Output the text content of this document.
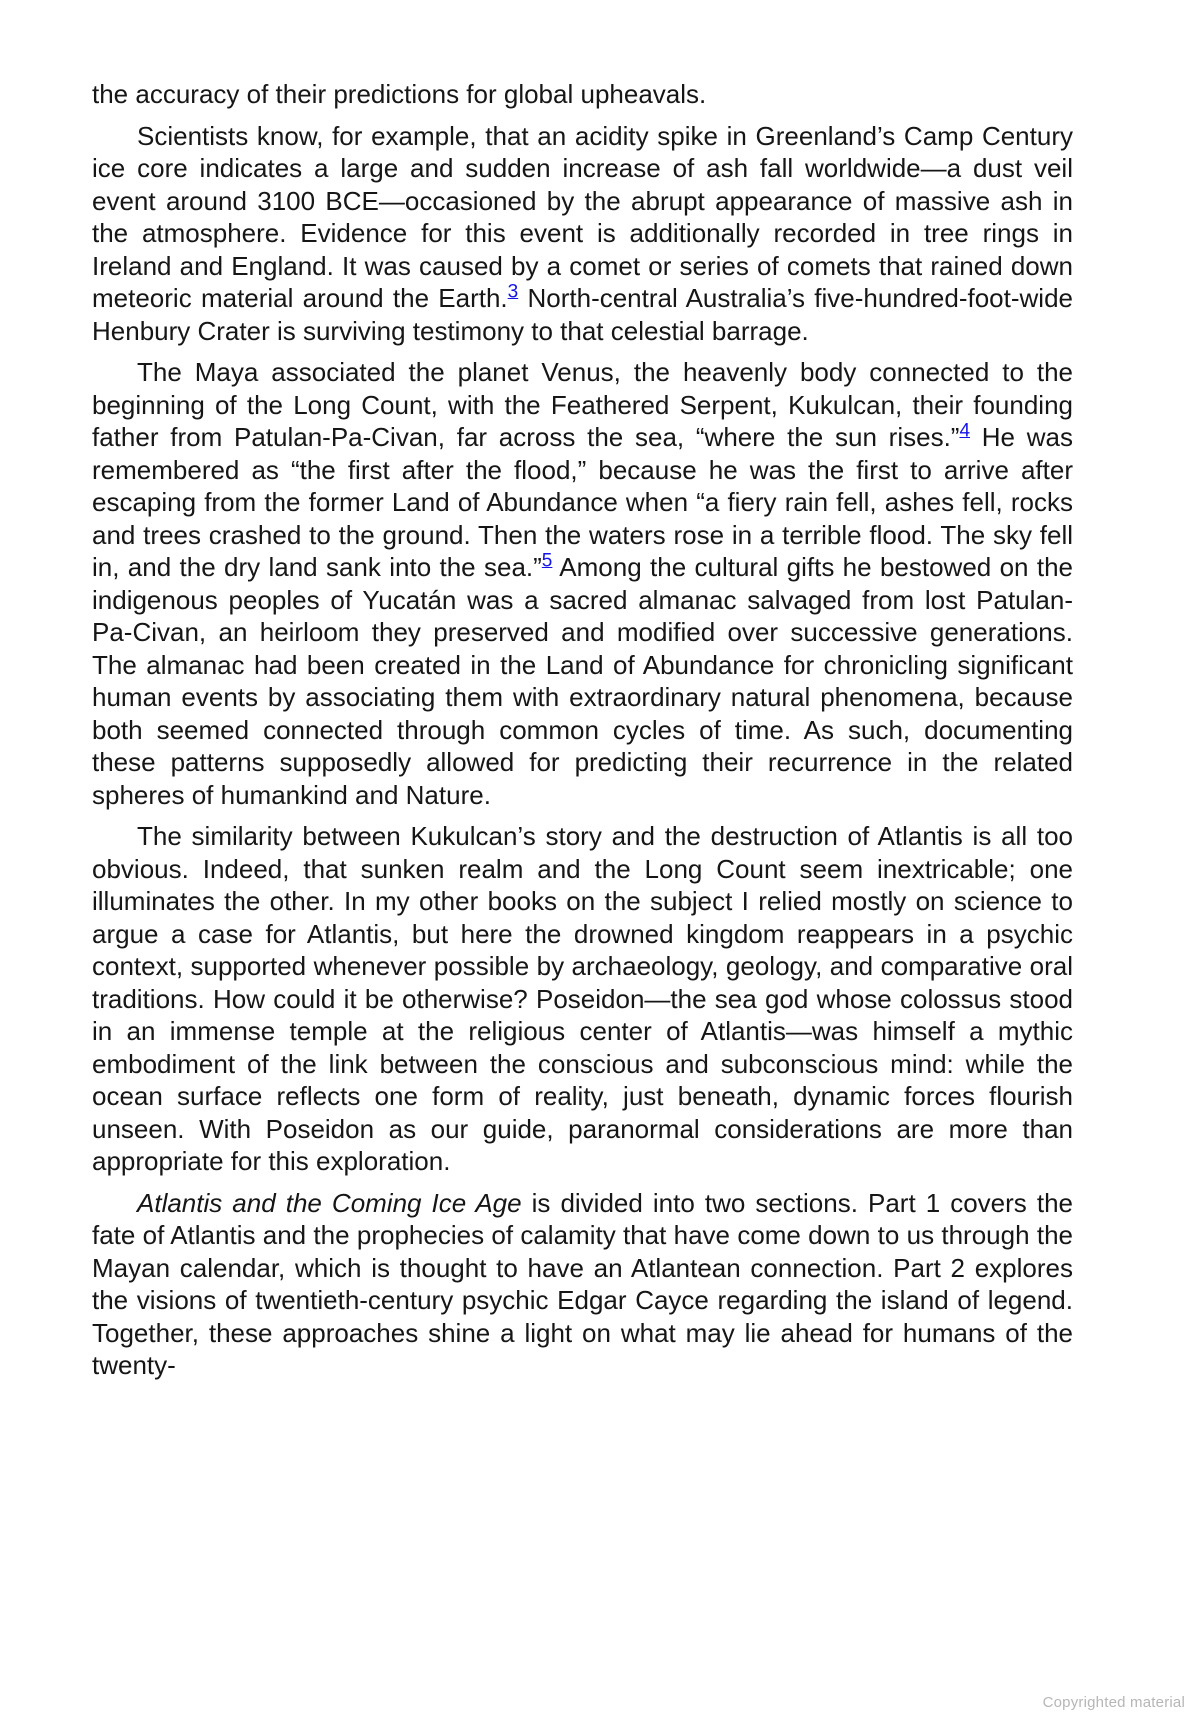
the accuracy of their predictions for global upheavals.

Scientists know, for example, that an acidity spike in Greenland’s Camp Century ice core indicates a large and sudden increase of ash fall worldwide—a dust veil event around 3100 BCE—occasioned by the abrupt appearance of massive ash in the atmosphere. Evidence for this event is additionally recorded in tree rings in Ireland and England. It was caused by a comet or series of comets that rained down meteoric material around the Earth.$^3$ North-central Australia’s five-hundred-foot-wide Henbury Crater is surviving testimony to that celestial barrage.

The Maya associated the planet Venus, the heavenly body connected to the beginning of the Long Count, with the Feathered Serpent, Kukulcan, their founding father from Patulan-Pa-Civan, far across the sea, “where the sun rises.”$^4$ He was remembered as “the first after the flood,” because he was the first to arrive after escaping from the former Land of Abundance when “a fiery rain fell, ashes fell, rocks and trees crashed to the ground. Then the waters rose in a terrible flood. The sky fell in, and the dry land sank into the sea.”$^5$ Among the cultural gifts he bestowed on the indigenous peoples of Yucatán was a sacred almanac salvaged from lost Patulan-Pa-Civan, an heirloom they preserved and modified over successive generations. The almanac had been created in the Land of Abundance for chronicling significant human events by associating them with extraordinary natural phenomena, because both seemed connected through common cycles of time. As such, documenting these patterns supposedly allowed for predicting their recurrence in the related spheres of humankind and Nature.

The similarity between Kukulcan’s story and the destruction of Atlantis is all too obvious. Indeed, that sunken realm and the Long Count seem inextricable; one illuminates the other. In my other books on the subject I relied mostly on science to argue a case for Atlantis, but here the drowned kingdom reappears in a psychic context, supported whenever possible by archaeology, geology, and comparative oral traditions. How could it be otherwise? Poseidon—the sea god whose colossus stood in an immense temple at the religious center of Atlantis—was himself a mythic embodiment of the link between the conscious and subconscious mind: while the ocean surface reflects one form of reality, just beneath, dynamic forces flourish unseen. With Poseidon as our guide, paranormal considerations are more than appropriate for this exploration.

Atlantis and the Coming Ice Age is divided into two sections. Part 1 covers the fate of Atlantis and the prophecies of calamity that have come down to us through the Mayan calendar, which is thought to have an Atlantean connection. Part 2 explores the visions of twentieth-century psychic Edgar Cayce regarding the island of legend. Together, these approaches shine a light on what may lie ahead for humans of the twenty-

Copyrighted material
